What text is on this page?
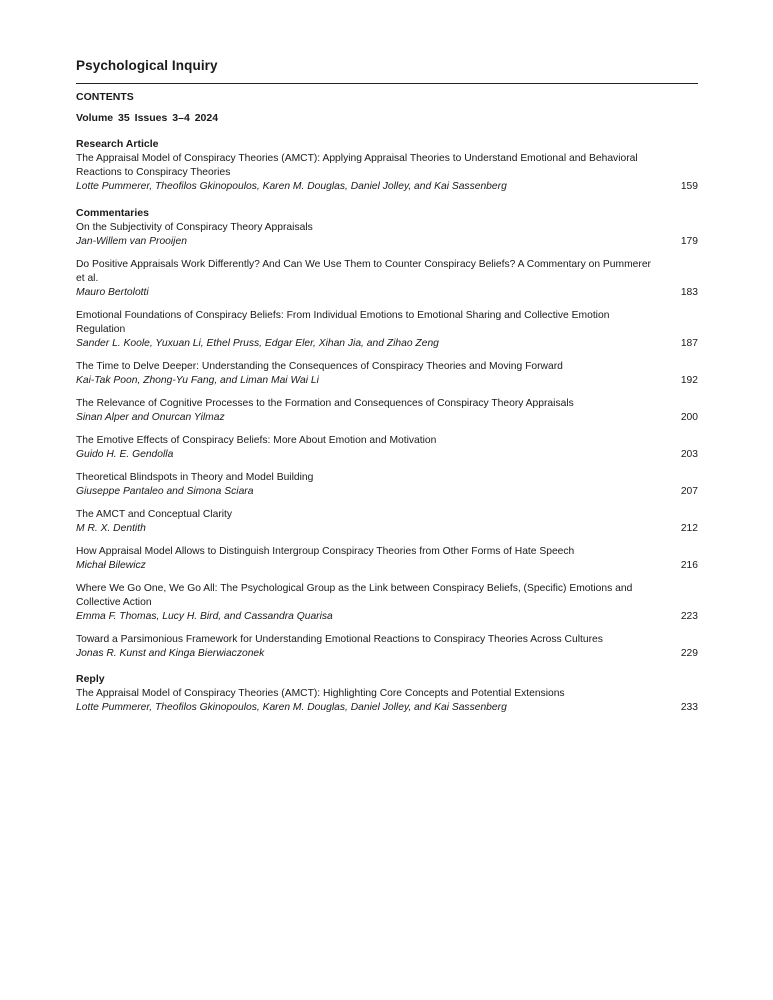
Psychological Inquiry
CONTENTS
Volume 35 Issues 3–4 2024
Research Article
The Appraisal Model of Conspiracy Theories (AMCT): Applying Appraisal Theories to Understand Emotional and Behavioral Reactions to Conspiracy Theories
Lotte Pummerer, Theofilos Gkinopoulos, Karen M. Douglas, Daniel Jolley, and Kai Sassenberg	159
Commentaries
On the Subjectivity of Conspiracy Theory Appraisals
Jan-Willem van Prooijen	179
Do Positive Appraisals Work Differently? And Can We Use Them to Counter Conspiracy Beliefs? A Commentary on Pummerer et al.
Mauro Bertolotti	183
Emotional Foundations of Conspiracy Beliefs: From Individual Emotions to Emotional Sharing and Collective Emotion Regulation
Sander L. Koole, Yuxuan Li, Ethel Pruss, Edgar Eler, Xihan Jia, and Zihao Zeng	187
The Time to Delve Deeper: Understanding the Consequences of Conspiracy Theories and Moving Forward
Kai-Tak Poon, Zhong-Yu Fang, and Liman Mai Wai Li	192
The Relevance of Cognitive Processes to the Formation and Consequences of Conspiracy Theory Appraisals
Sinan Alper and Onurcan Yilmaz	200
The Emotive Effects of Conspiracy Beliefs: More About Emotion and Motivation
Guido H. E. Gendolla	203
Theoretical Blindspots in Theory and Model Building
Giuseppe Pantaleo and Simona Sciara	207
The AMCT and Conceptual Clarity
M R. X. Dentith	212
How Appraisal Model Allows to Distinguish Intergroup Conspiracy Theories from Other Forms of Hate Speech
Michał Bilewicz	216
Where We Go One, We Go All: The Psychological Group as the Link between Conspiracy Beliefs, (Specific) Emotions and Collective Action
Emma F. Thomas, Lucy H. Bird, and Cassandra Quarisa	223
Toward a Parsimonious Framework for Understanding Emotional Reactions to Conspiracy Theories Across Cultures
Jonas R. Kunst and Kinga Bierwiaczonek	229
Reply
The Appraisal Model of Conspiracy Theories (AMCT): Highlighting Core Concepts and Potential Extensions
Lotte Pummerer, Theofilos Gkinopoulos, Karen M. Douglas, Daniel Jolley, and Kai Sassenberg	233
